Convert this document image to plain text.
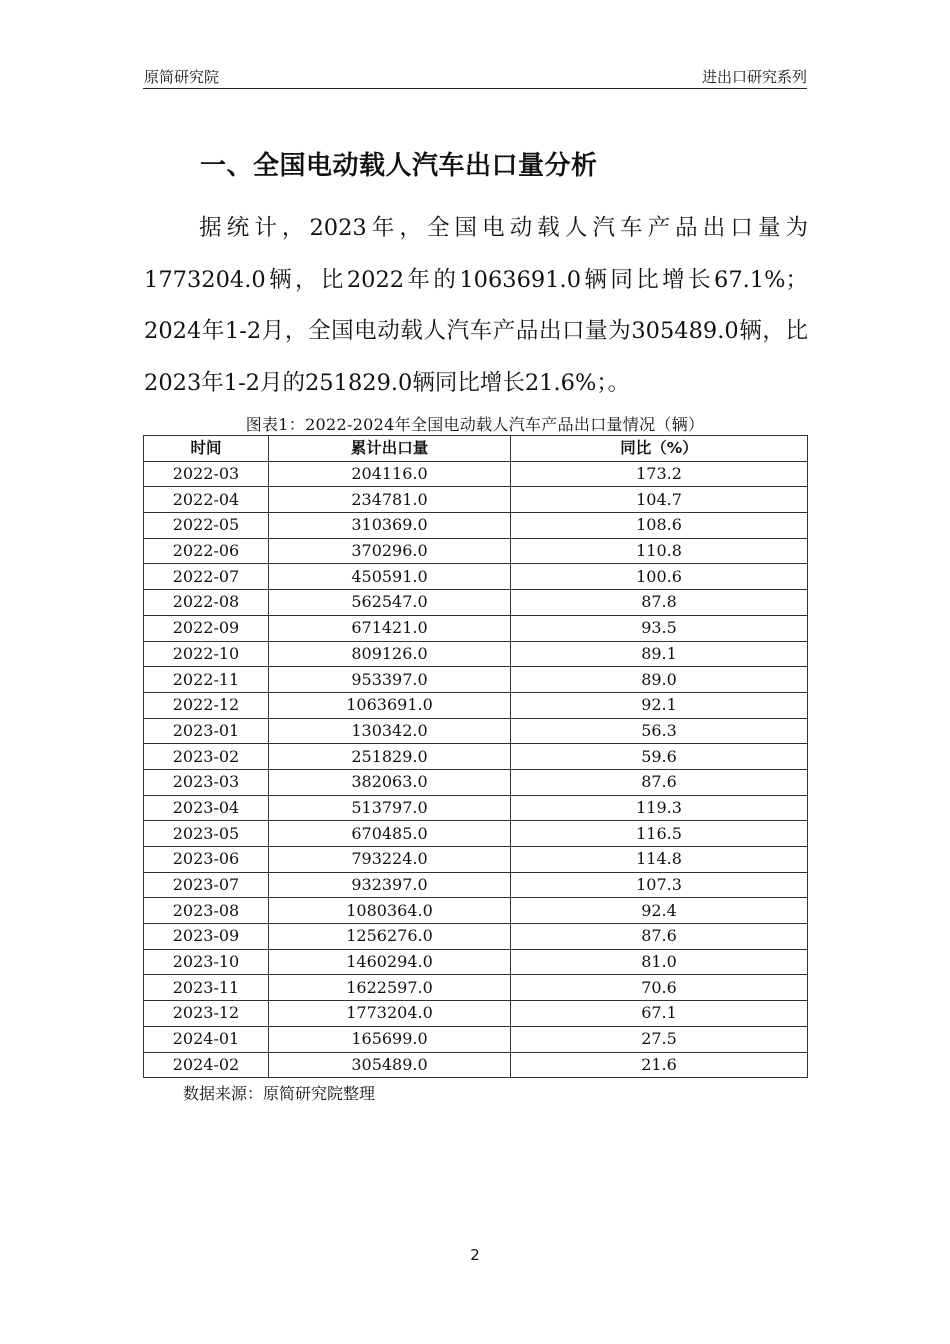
原简研究院	进出口研究系列
一、全国电动载人汽车出口量分析

　　据统计，2023年，全国电动载人汽车产品出口量为1773204.0辆，比2022年的1063691.0辆同比增长67.1%；2024年1-2月，全国电动载人汽车产品出口量为305489.0辆，比2023年1-2月的251829.0辆同比增长21.6%；。

图表1：2022-2024年全国电动载人汽车产品出口量情况（辆）
时间	累计出口量	同比（%）
2022-03	204116.0	173.2
2022-04	234781.0	104.7
2022-05	310369.0	108.6
2022-06	370296.0	110.8
2022-07	450591.0	100.6
2022-08	562547.0	87.8
2022-09	671421.0	93.5
2022-10	809126.0	89.1
2022-11	953397.0	89.0
2022-12	1063691.0	92.1
2023-01	130342.0	56.3
2023-02	251829.0	59.6
2023-03	382063.0	87.6
2023-04	513797.0	119.3
2023-05	670485.0	116.5
2023-06	793224.0	114.8
2023-07	932397.0	107.3
2023-08	1080364.0	92.4
2023-09	1256276.0	87.6
2023-10	1460294.0	81.0
2023-11	1622597.0	70.6
2023-12	1773204.0	67.1
2024-01	165699.0	27.5
2024-02	305489.0	21.6
数据来源：原简研究院整理
2
